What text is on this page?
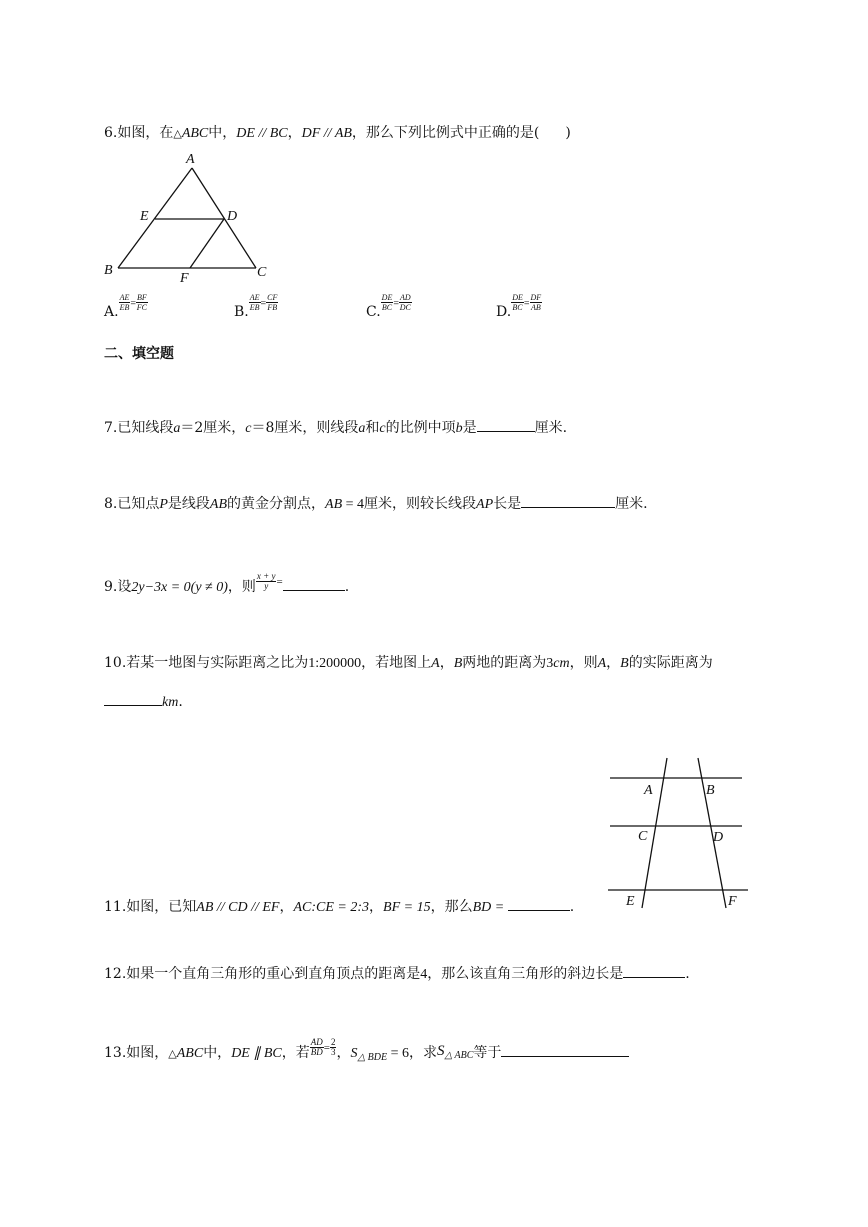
6.如图，在△ABC中，DE // BC，DF // AB，那么下列比例式中正确的是( )
A
E	D
B
F	C
A. $\frac{AE}{EB} = \frac{BF}{FC}$	B. $\frac{AE}{EB} = \frac{CF}{FB}$	C. $\frac{DE}{BC} = \frac{AD}{DC}$	D. $\frac{DE}{BC} = \frac{DF}{AB}$
二、填空题
7.已知线段a＝2厘米，c＝8厘米，则线段a和c的比例中项b是	厘米.
8.已知点P是线段AB的黄金分割点，AB = 4厘米，则较长线段AP长是	厘米.
9.设2y−3x = 0(y ≠ 0)，则 $\frac{x + y}{y}$ =	.
10.若某一地图与实际距离之比为1:200000，若地图上A，B两地的距离为3cm，则A，B的实际距离为
km.
A	B
C	D
E	F
11.如图，已知AB // CD // EF，AC:CE = 2:3，BF = 15，那么BD =	.
12.如果一个直角三角形的重心到直角顶点的距离是4，那么该直角三角形的斜边长是	.
13.如图，$_\triangle$ABC中，DE ∥ BC，若 $\frac{AD}{BD} = \frac{2}{3}$ ，$S_{\triangle BDE} = 6$，求$S_{\triangle ABC}$等于
